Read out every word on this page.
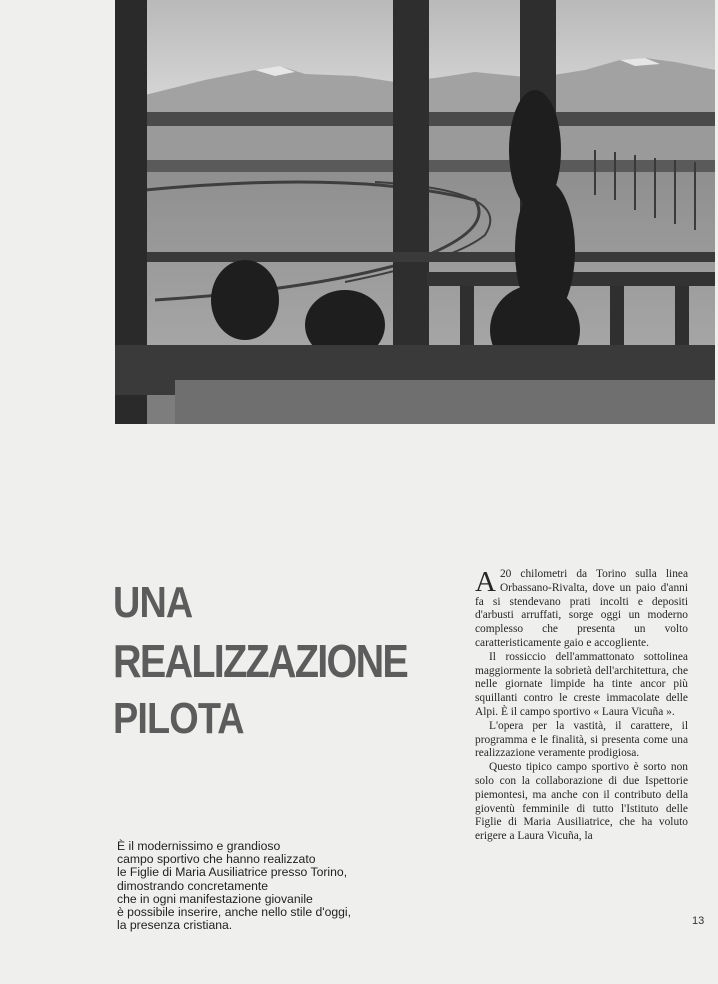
UNA
REALIZZAZIONE
PILOTA
È il modernissimo e grandioso
campo sportivo che hanno realizzato
le Figlie di Maria Ausiliatrice presso Torino,
dimostrando concretamente
che in ogni manifestazione giovanile
è possibile inserire, anche nello stile d'oggi,
la presenza cristiana.

A 20 chilometri da Torino sulla linea Orbassano-Rivalta, dove un paio d'anni fa si stendevano prati incolti e depositi d'arbusti arruffati, sorge oggi un moderno complesso che presenta un volto caratteristicamente gaio e accogliente.

Il rossiccio dell'ammattonato sottolinea maggiormente la sobrietà dell'architettura, che nelle giornate limpide ha tinte ancor più squillanti contro le creste immacolate delle Alpi. È il campo sportivo « Laura Vicuña ».

L'opera per la vastità, il carattere, il programma e le finalità, si presenta come una realizzazione veramente prodigiosa.

Questo tipico campo sportivo è sorto non solo con la collaborazione di due Ispettorie piemontesi, ma anche con il contributo della gioventù femminile di tutto l'Istituto delle Figlie di Maria Ausiliatrice, che ha voluto erigere a Laura Vicuña, la

13
